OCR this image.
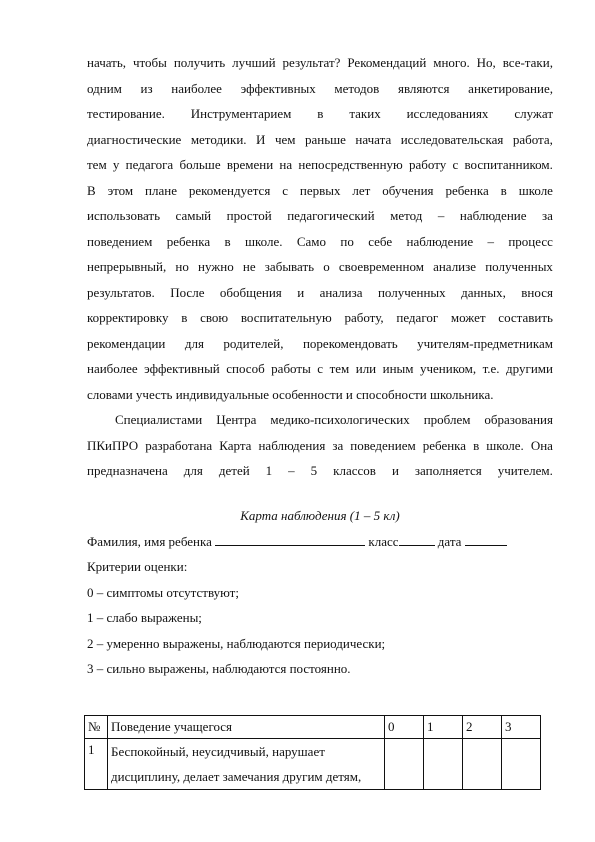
начать, чтобы получить лучший результат? Рекомендаций много. Но, все-таки,
одним из наиболее эффективных методов являются анкетирование,
тестирование. Инструментарием в таких исследованиях служат
диагностические методики. И чем раньше начата исследовательская работа,
тем у педагога больше времени на непосредственную работу с воспитанником.
В этом плане рекомендуется с первых лет обучения ребенка в школе
использовать самый простой педагогический метод – наблюдение за
поведением ребенка в школе. Само по себе наблюдение – процесс
непрерывный, но нужно не забывать о своевременном анализе полученных
результатов. После обобщения и анализа полученных данных, внося
корректировку в свою воспитательную работу, педагог может составить
рекомендации для родителей, порекомендовать учителям-предметникам
наиболее эффективный способ работы с тем или иным учеником, т.е. другими
словами учесть индивидуальные особенности и способности школьника.
Специалистами Центра медико-психологических проблем образования
ПКиПРО разработана Карта наблюдения за поведением ребенка в школе. Она
предназначена для детей 1 – 5 классов и заполняется учителем.
Карта наблюдения (1 – 5 кл)
Фамилия, имя ребенка	класс	дата
Критерии оценки:
0 – симптомы отсутствуют;
1 – слабо выражены;
2 – умеренно выражены, наблюдаются периодически;
3 – сильно выражены, наблюдаются постоянно.
№	Поведение учащегося	0	1	2	3
1	Беспокойный, неусидчивый, нарушает
дисциплину, делает замечания другим детям,				
